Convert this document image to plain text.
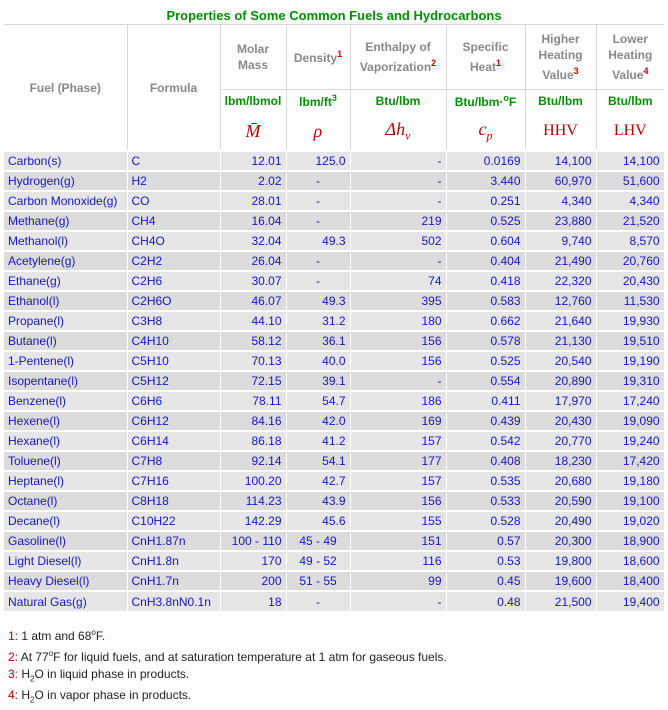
Properties of Some Common Fuels and Hydrocarbons							
Fuel (Phase)	Formula	Molar Mass	Density$^1$	Enthalpy of Vaporization$^2$	Specific Heat$^1$	Higher Heating Value$^3$	Lower Heating Value$^4$

		lbm/lbmol	lbm/$ft^3$	Btu/lbm	Btu/lbm·$^o$F	Btu/lbm	Btu/lbm
		M̄	ρ	$\Delta h_v$	$c_p$	HHV	LHV
Carbon(s)	C	12.01	125.0	-	0.0169	14,100	14,100
Hydrogen(g)	H2	2.02	-	-	3.440	60,970	51,600
Carbon Monoxide(g)	CO	28.01	-	-	0.251	4,340	4,340
Methane(g)	CH4	16.04	-	219	0.525	23,880	21,520
Methanol(l)	CH4O	32.04	49.3	502	0.604	9,740	8,570
Acetylene(g)	C2H2	26.04	-	-	0.404	21,490	20,760
Ethane(g)	C2H6	30.07	-	74	0.418	22,320	20,430
Ethanol(l)	C2H6O	46.07	49.3	395	0.583	12,760	11,530
Propane(l)	C3H8	44.10	31.2	180	0.662	21,640	19,930
Butane(l)	C4H10	58.12	36.1	156	0.578	21,130	19,510
1-Pentene(l)	C5H10	70.13	40.0	156	0.525	20,540	19,190
Isopentane(l)	C5H12	72.15	39.1	-	0.554	20,890	19,310
Benzene(l)	C6H6	78.11	54.7	186	0.411	17,970	17,240
Hexene(l)	C6H12	84.16	42.0	169	0.439	20,430	19,090
Hexane(l)	C6H14	86.18	41.2	157	0.542	20,770	19,240
Toluene(l)	C7H8	92.14	54.1	177	0.408	18,230	17,420
Heptane(l)	C7H16	100.20	42.7	157	0.535	20,680	19,180
Octane(l)	C8H18	114.23	43.9	156	0.533	20,590	19,100
Decane(l)	C10H22	142.29	45.6	155	0.528	20,490	19,020
Gasoline(l)	CnH1.87n	100 - 110	45 - 49	151	0.57	20,300	18,900
Light Diesel(l)	CnH1.8n	170	49 - 52	116	0.53	19,800	18,600
Heavy Diesel(l)	CnH1.7n	200	51 - 55	99	0.45	19,600	18,400
Natural Gas(g)	CnH3.8nN0.1n	18	-	-	0.48	21,500	19,400
1: 1 atm and 68$^o$F.
2: At 77$^o$F for liquid fuels, and at saturation temperature at 1 atm for gaseous fuels.
3: $H_2O$ in liquid phase in products.
4: $H_2O$ in vapor phase in products.
